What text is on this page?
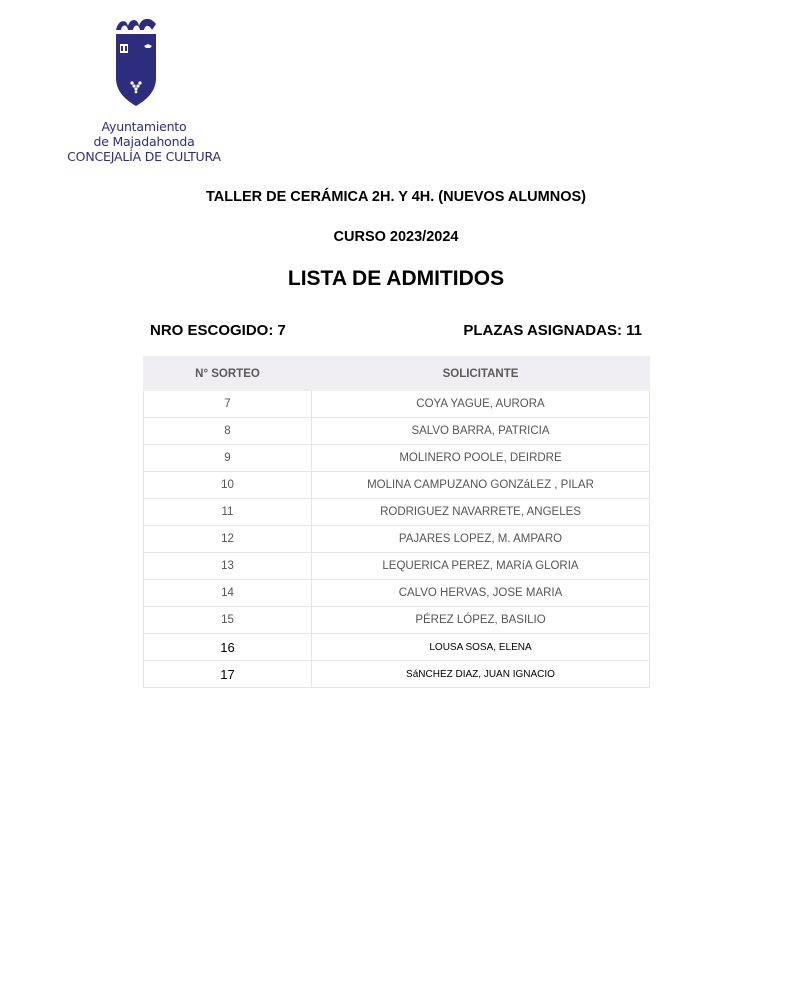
Ayuntamiento
de Majadahonda
CONCEJALÍA DE CULTURA
TALLER DE CERÁMICA 2H. Y 4H. (NUEVOS ALUMNOS)
CURSO 2023/2024
LISTA DE ADMITIDOS
NRO ESCOGIDO: 7	PLAZAS ASIGNADAS: 11
N° SORTEO	SOLICITANTE
7	COYA YAGUE, AURORA
8	SALVO BARRA, PATRICIA
9	MOLINERO POOLE, DEIRDRE
10	MOLINA CAMPUZANO GONZáLEZ , PILAR
11	RODRIGUEZ NAVARRETE, ANGELES
12	PAJARES LOPEZ, M. AMPARO
13	LEQUERICA PEREZ, MARíA GLORIA
14	CALVO HERVAS, JOSE MARIA
15	PÉREZ LÓPEZ, BASILIO
16	LOUSA SOSA, ELENA
17	SáNCHEZ DIAZ, JUAN IGNACIO
